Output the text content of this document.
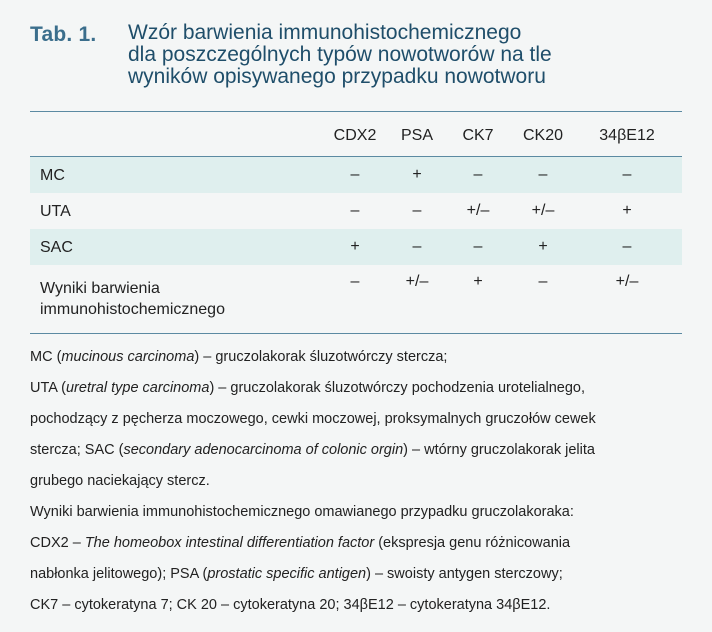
Tab. 1.	Wzór barwienia immunohistochemicznego
dla poszczególnych typów nowotworów na tle
wyników opisywanego przypadku nowotworu
	CDX2	PSA	CK7	CK20	34βE12

MC	–	+	–	–	–

UTA	–	–	+/–	+/–	+

SAC	+	–	–	+	–

Wyniki barwienia
immunohistochemicznego	–	+/–	+	–	+/–

MC (mucinous carcinoma) – gruczolakorak śluzotwórczy stercza;

UTA (uretral type carcinoma) – gruczolakorak śluzotwórczy pochodzenia urotelialnego,

pochodzący z pęcherza moczowego, cewki moczowej, proksymalnych gruczołów cewek

stercza; SAC (secondary adenocarcinoma of colonic orgin) – wtórny gruczolakorak jelita

grubego naciekający stercz.

Wyniki barwienia immunohistochemicznego omawianego przypadku gruczolakoraka:

CDX2 – The homeobox intestinal differentiation factor (ekspresja genu różnicowania

nabłonka jelitowego); PSA (prostatic specific antigen) – swoisty antygen sterczowy;

CK7 – cytokeratyna 7; CK 20 – cytokeratyna 20; 34βE12 – cytokeratyna 34βE12.
